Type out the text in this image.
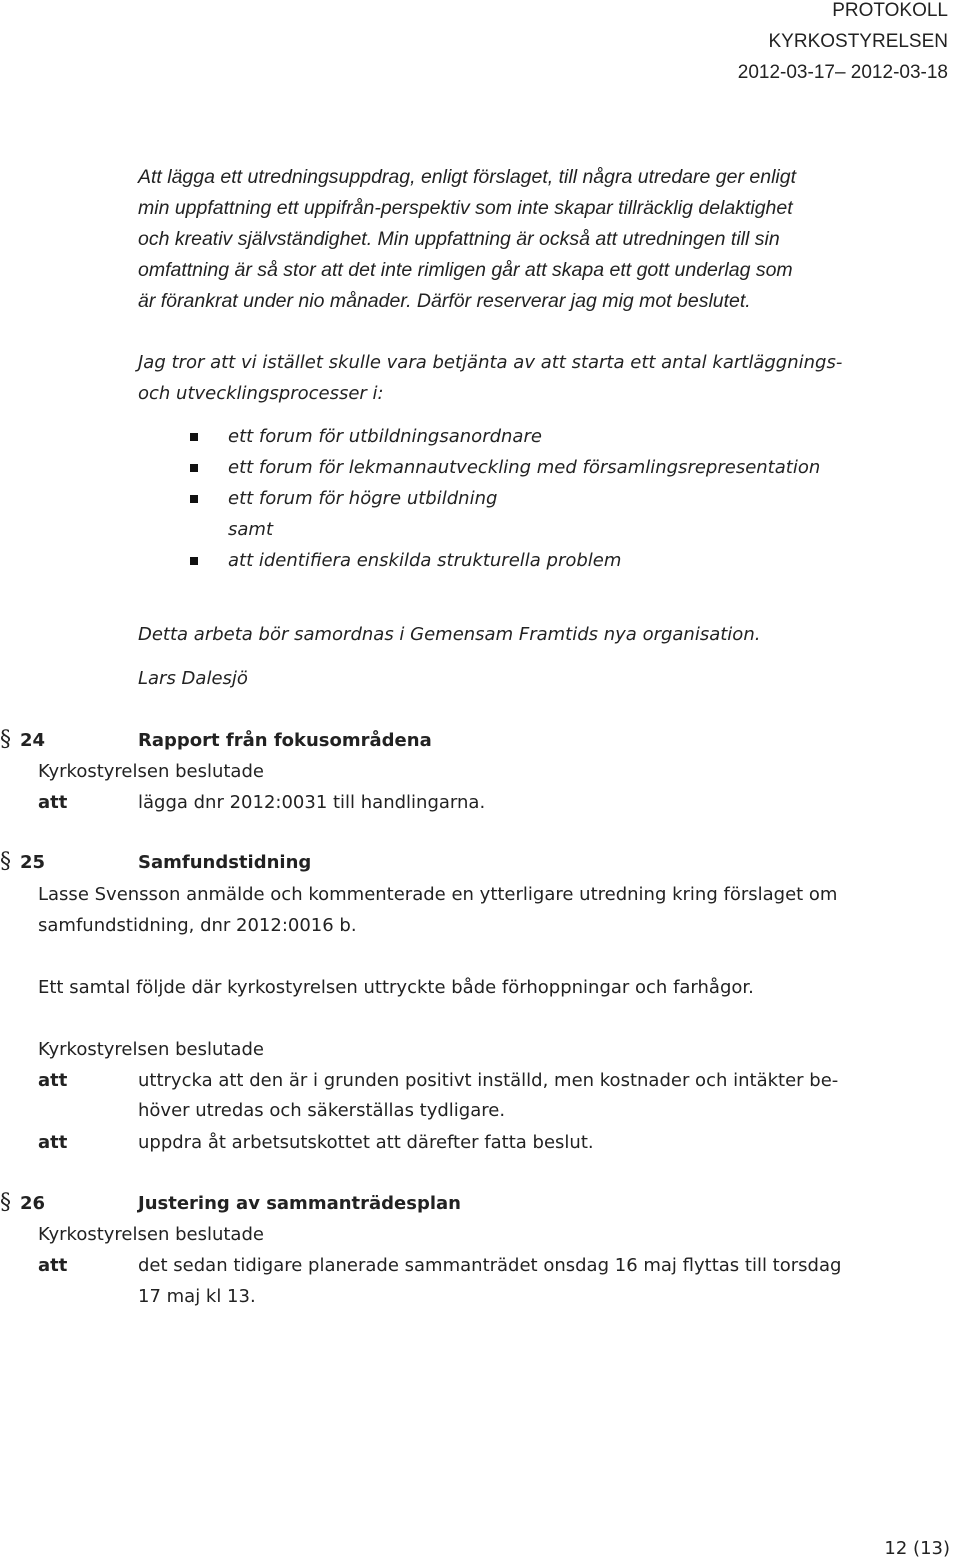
PROTOKOLL
KYRKOSTYRELSEN
2012-03-17– 2012-03-18
Att lägga ett utredningsuppdrag, enligt förslaget, till några utredare ger enligt
min uppfattning ett uppifrån-perspektiv som inte skapar tillräcklig delaktighet
och kreativ självständighet. Min uppfattning är också att utredningen till sin
omfattning är så stor att det inte rimligen går att skapa ett gott underlag som
är förankrat under nio månader. Därför reserverar jag mig mot beslutet.
Jag tror att vi istället skulle vara betjänta av att starta ett antal kartläggnings-
och utvecklingsprocesser i:
ett forum för utbildningsanordnare
ett forum för lekmannautveckling med församlingsrepresentation
ett forum för högre utbildning
samt
att identifiera enskilda strukturella problem
Detta arbeta bör samordnas i Gemensam Framtids nya organisation.
Lars Dalesjö
§ 24	Rapport från fokusområdena
Kyrkostyrelsen beslutade
att	lägga dnr 2012:0031 till handlingarna.
§ 25	Samfundstidning
Lasse Svensson anmälde och kommenterade en ytterligare utredning kring förslaget om
samfundstidning, dnr 2012:0016 b.
Ett samtal följde där kyrkostyrelsen uttryckte både förhoppningar och farhågor.
Kyrkostyrelsen beslutade
att	uttrycka att den är i grunden positivt inställd, men kostnader och intäkter be-
höver utredas och säkerställas tydligare.
att	uppdra åt arbetsutskottet att därefter fatta beslut.
§ 26	Justering av sammanträdesplan
Kyrkostyrelsen beslutade
att	det sedan tidigare planerade sammanträdet onsdag 16 maj flyttas till torsdag
17 maj kl 13.
12 (13)
